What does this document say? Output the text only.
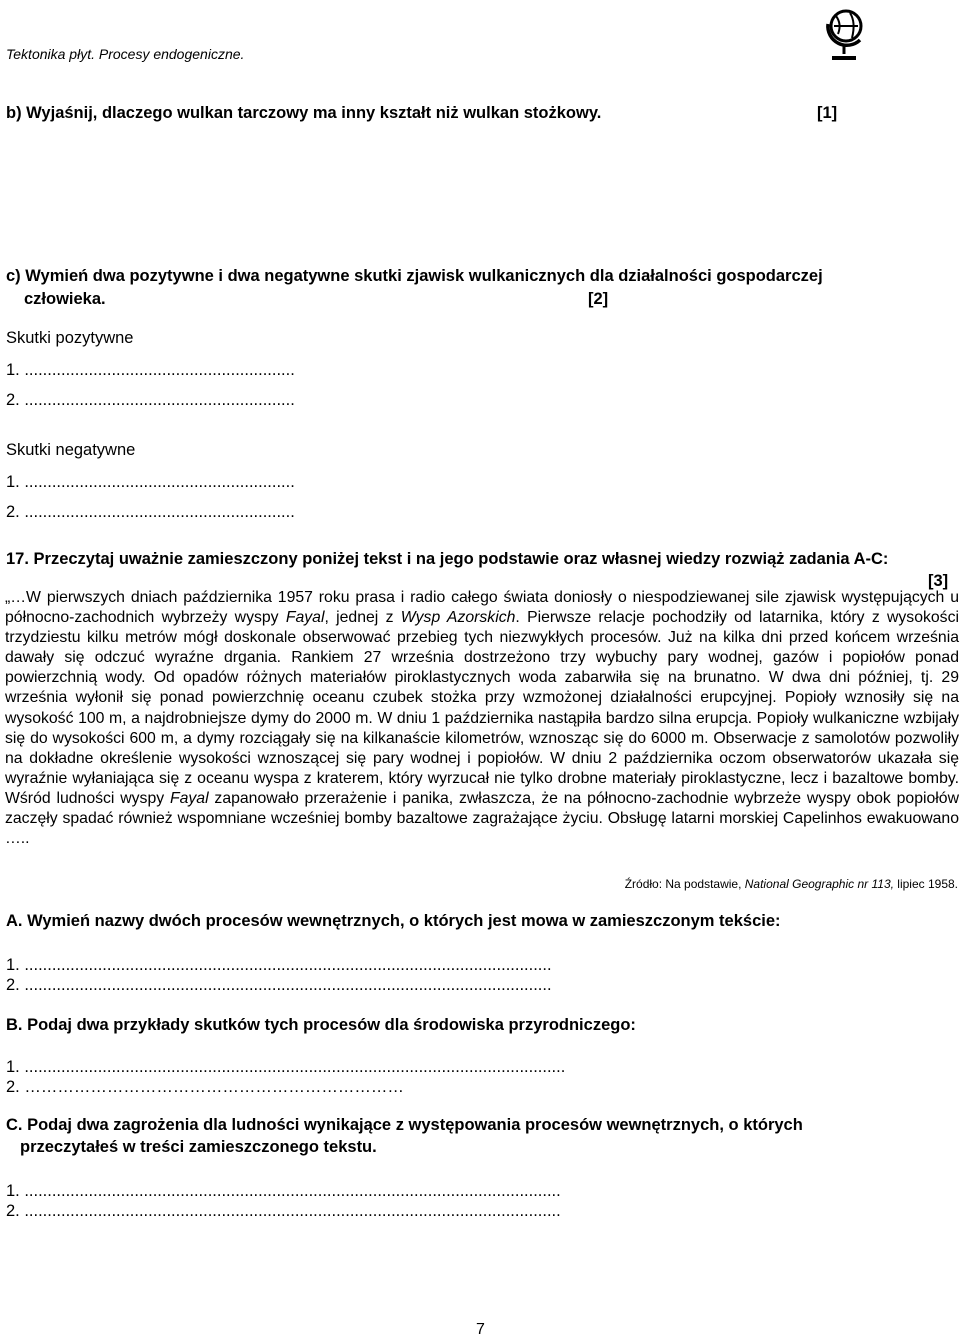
Tektonika płyt. Procesy endogeniczne.
b) Wyjaśnij, dlaczego wulkan tarczowy ma inny kształt niż wulkan stożkowy.	[1]
c) Wymień dwa pozytywne i dwa negatywne skutki zjawisk wulkanicznych dla działalności gospodarczej
człowieka.	[2]
Skutki pozytywne
1. ...........................................................
2. ...........................................................
Skutki negatywne
1. ...........................................................
2. ...........................................................
17. Przeczytaj uważnie zamieszczony poniżej tekst i na jego podstawie oraz własnej wiedzy rozwiąż zadania A-C:
[3]
„…W pierwszych dniach października 1957 roku prasa i radio całego świata doniosły o niespodziewanej sile zjawisk występujących u północno-zachodnich wybrzeży wyspy Fayal, jednej z Wysp Azorskich. Pierwsze relacje pochodziły od latarnika, który z wysokości trzydziestu kilku metrów mógł doskonale obserwować przebieg tych niezwykłych procesów. Już na kilka dni przed końcem września dawały się odczuć wyraźne drgania. Rankiem 27 września dostrzeżono trzy wybuchy pary wodnej, gazów i popiołów ponad powierzchnią wody. Od opadów różnych materiałów piroklastycznych woda zabarwiła się na brunatno. W dwa dni później, tj. 29 września wyłonił się ponad powierzchnię oceanu czubek stożka przy wzmożonej działalności erupcyjnej. Popioły wznosiły się na wysokość 100 m, a najdrobniejsze dymy do 2000 m. W dniu 1 października nastąpiła bardzo silna erupcja. Popioły wulkaniczne wzbijały się do wysokości 600 m, a dymy rozciągały się na kilkanaście kilometrów, wznosząc się do 6000 m. Obserwacje z samolotów pozwoliły na dokładne określenie wysokości wznoszącej się pary wodnej i popiołów. W dniu 2 października oczom obserwatorów ukazała się wyraźnie wyłaniająca się z oceanu wyspa z kraterem, który wyrzucał nie tylko drobne materiały piroklastyczne, lecz i bazaltowe bomby. Wśród ludności wyspy Fayal zapanowało przerażenie i panika, zwłaszcza, że na północno-zachodnie wybrzeże wyspy obok popiołów zaczęły spadać również wspomniane wcześniej bomby bazaltowe zagrażające życiu. Obsługę latarni morskiej Capelinhos ewakuowano …..
Źródło: Na podstawie, National Geographic nr 113, lipiec 1958.
A. Wymień nazwy dwóch procesów wewnętrznych, o których jest mowa w zamieszczonym tekście:
1. ...................................................................................................................
2. ...................................................................................................................
B. Podaj dwa przykłady skutków tych procesów dla środowiska przyrodniczego:
1. ......................................................................................................................
2. ……………………………………………………………
C. Podaj dwa zagrożenia dla ludności wynikające z występowania procesów wewnętrznych, o których
przeczytałeś w treści zamieszczonego tekstu.
1. .....................................................................................................................
2. .....................................................................................................................
7
